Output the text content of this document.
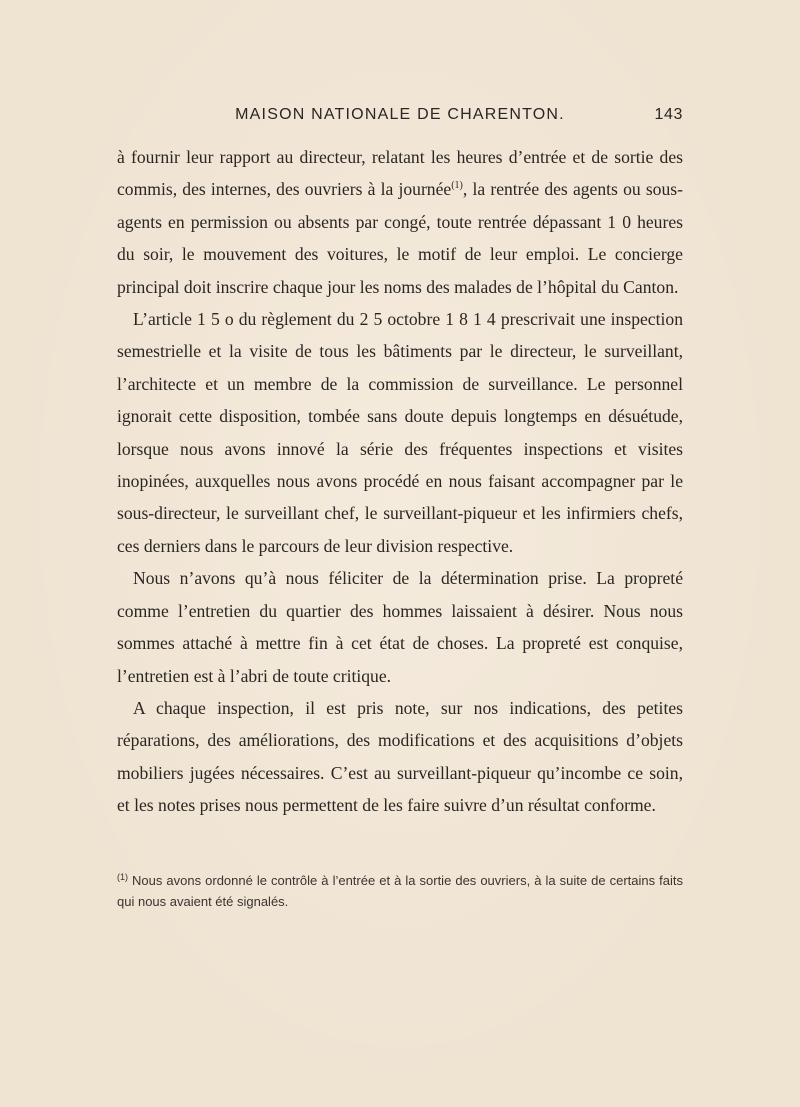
MAISON NATIONALE DE CHARENTON.	143

à fournir leur rapport au directeur, relatant les heures d’entrée et de sortie des commis, des internes, des ouvriers à la journée$^{(1)}$, la rentrée des agents ou sous-agents en permission ou absents par congé, toute rentrée dépassant 1 0 heures du soir, le mouvement des voitures, le motif de leur emploi. Le concierge principal doit inscrire chaque jour les noms des malades de l’hôpital du Canton.

L’article 1 5 o du règlement du 2 5 octobre 1 8 1 4 prescrivait une inspection semestrielle et la visite de tous les bâtiments par le directeur, le surveillant, l’architecte et un membre de la commission de surveillance. Le personnel ignorait cette disposition, tombée sans doute depuis longtemps en désuétude, lorsque nous avons innové la série des fréquentes inspections et visites inopinées, auxquelles nous avons procédé en nous faisant accompagner par le sous-directeur, le surveillant chef, le surveillant-piqueur et les infirmiers chefs, ces derniers dans le parcours de leur division respective.

Nous n’avons qu’à nous féliciter de la détermination prise. La propreté comme l’entretien du quartier des hommes laissaient à désirer. Nous nous sommes attaché à mettre fin à cet état de choses. La propreté est conquise, l’entretien est à l’abri de toute critique.

A chaque inspection, il est pris note, sur nos indications, des petites réparations, des améliorations, des modifications et des acquisitions d’objets mobiliers jugées nécessaires. C’est au surveillant-piqueur qu’incombe ce soin, et les notes prises nous permettent de les faire suivre d’un résultat conforme.

$^{(1)}$ Nous avons ordonné le contrôle à l’entrée et à la sortie des ouvriers, à la suite de certains faits qui nous avaient été signalés.
